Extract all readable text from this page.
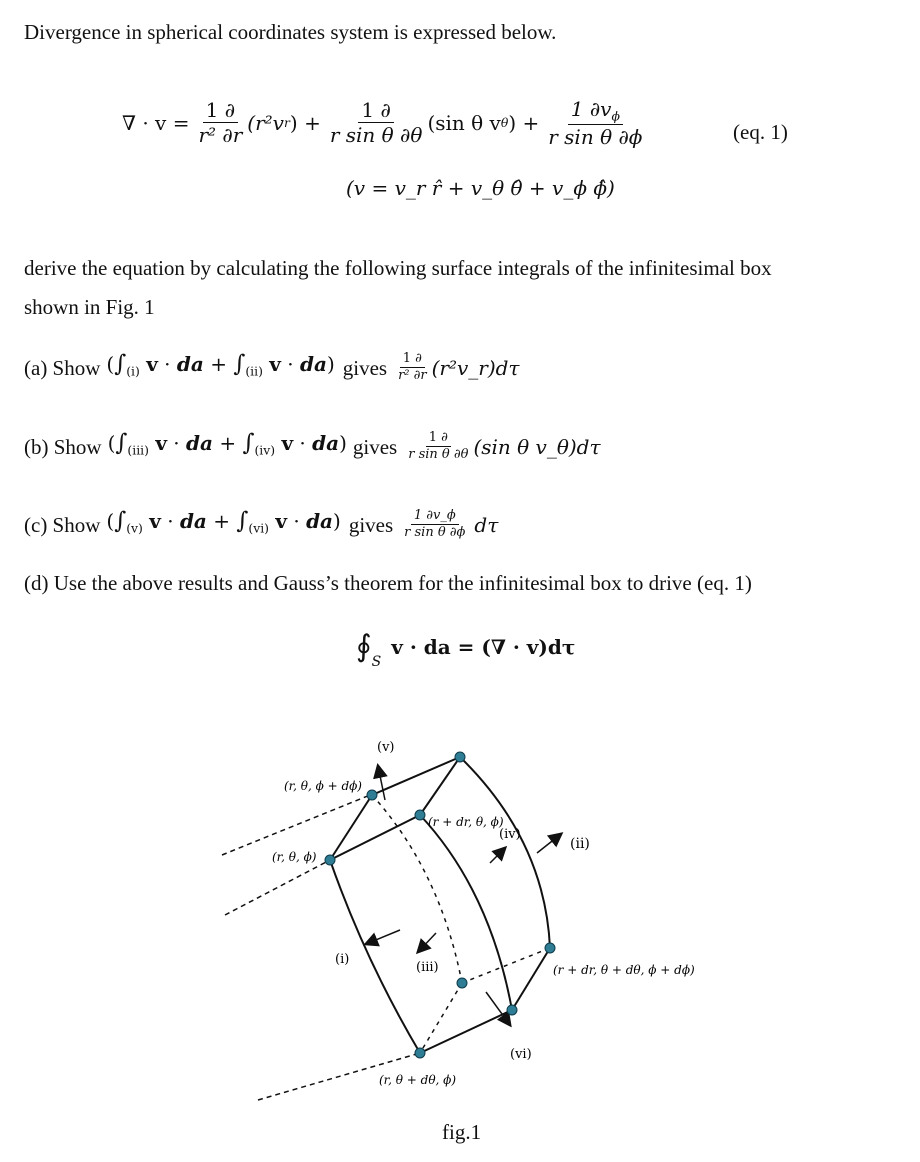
Divergence in spherical coordinates system is expressed below.
∇ · $v = \frac{1 \partial}{\text{r² ∂r}} (r^2v$ r ) + $\frac{1 \partial}{\text{r sin θ ∂θ}} (\sin$ θ v θ ) + $\frac{1 \partial v_\phi}{\text{r sin θ ∂ϕ}}$	(eq. 1)
(v = v_r r̂ + v_θ θ̂ + v_ϕ ϕ̂)
derive the equation by calculating the following surface integrals of the infinitesimal box
shown in Fig. 1
(a) Show ($\int_{(i)}$ v · da + $\int_{(ii)}$ v · da) gives $\frac{1 \partial}{\text{r² ∂r}}$ (r²v_r)dτ
(b) Show ($\int_{(iii)}$ v · da + $\int_{(iv)}$ v · da) gives $\frac{1 \partial}{\text{r sin θ ∂θ}} (\sin$ θ v_θ)dτ
(c) Show ($\int_{(v)}$ v · da + $\int_{(vi)}$ v · da) gives $\frac{1 \partial v\_\phi}{\text{r sin θ ∂ϕ}}$ dτ
(d) Use the above results and Gauss’s theorem for the infinitesimal box to drive (eq. 1)
∮ S
v · da = (∇ · v)dτ
(v)
(ii)
(iv)
(i)
(iii)
(vi)
(r, θ, ϕ + dϕ)
(r, θ, ϕ)
(r + dr, θ, ϕ)
(r + dr, θ + dθ, ϕ + dϕ)
(r, θ + dθ, ϕ)
fig.1
